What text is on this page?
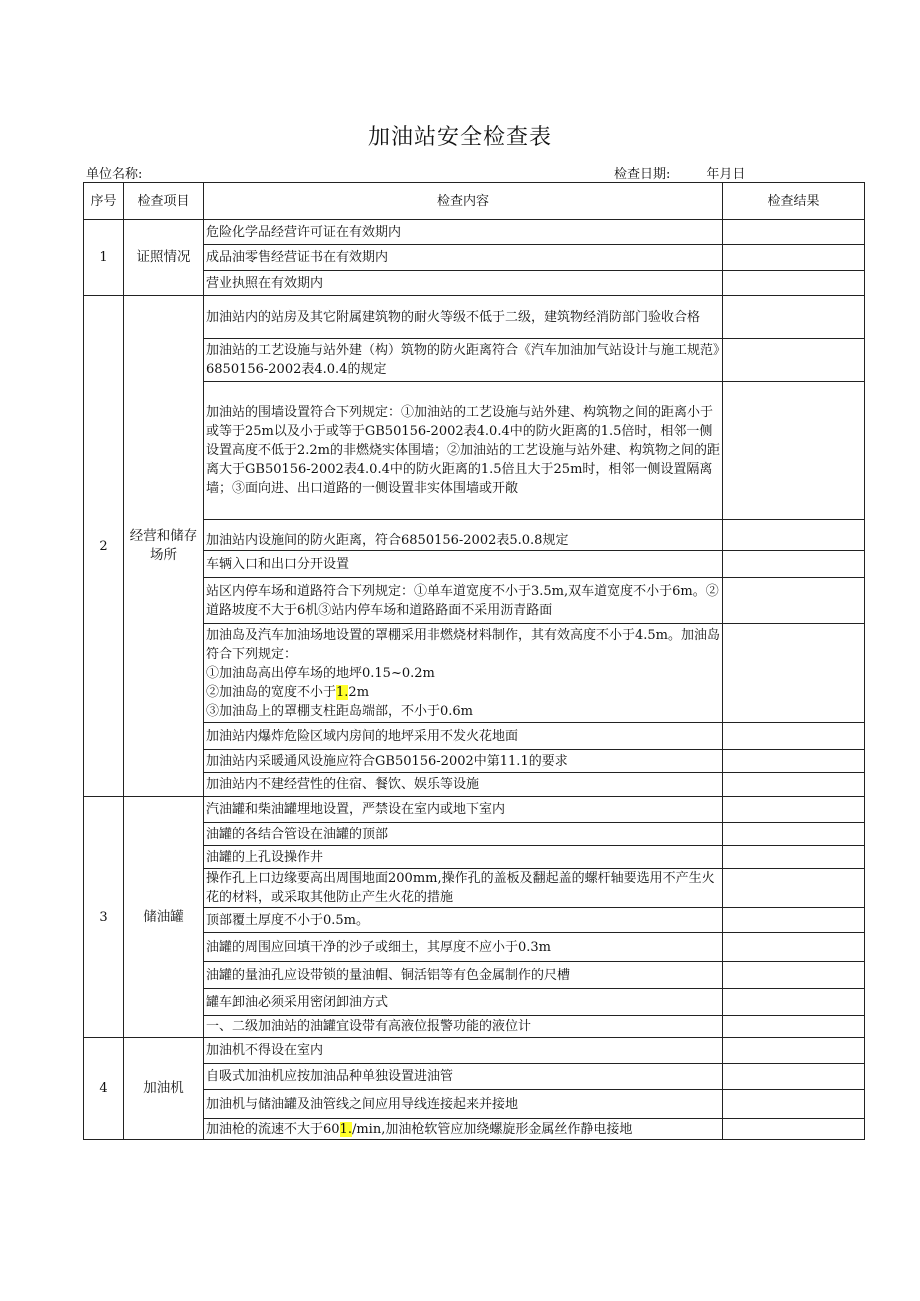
加油站安全检查表
单位名称:	检查日期:	年月日
序号	检查项目	检查内容	检查结果
1	证照情况	危险化学品经营许可证在有效期内	
		成品油零售经营证书在有效期内	
		营业执照在有效期内	
2	经营和储存场所	加油站内的站房及其它附属建筑物的耐火等级不低于二级，建筑物经消防部门验收合格	
		加油站的工艺设施与站外建（构）筑物的防火距离符合《汽车加油加气站设计与施工规范》6850156-2002表4.0.4的规定	
		加油站的围墙设置符合下列规定：①加油站的工艺设施与站外建、构筑物之间的距离小于或等于25m以及小于或等于GB50156-2002表4.0.4中的防火距离的1.5倍时，相邻一侧设置高度不低于2.2m的非燃烧实体围墙；②加油站的工艺设施与站外建、构筑物之间的距离大于GB50156-2002表4.0.4中的防火距离的1.5倍且大于25m时，相邻一侧设置隔离墙；③面向进、出口道路的一侧设置非实体围墙或开敞	
		加油站内设施间的防火距离，符合6850156-2002表5.0.8规定	
		车辆入口和出口分开设置	
		站区内停车场和道路符合下列规定：①单车道宽度不小于3.5m,双车道宽度不小于6m。②道路坡度不大于6机③站内停车场和道路路面不采用沥青路面	

		加油岛及汽车加油场地设置的罩棚采用非燃烧材料制作，其有效高度不小于4.5m。加油岛符合下列规定：
①加油岛高出停车场的地坪0.15~0.2m
②加油岛的宽度不小于1.2m
③加油岛上的罩棚支柱距岛端部，不小于0.6m	

		加油站内爆炸危险区域内房间的地坪采用不发火花地面	
		加油站内采暖通风设施应符合GB50156-2002中第11.1的要求	
		加油站内不建经营性的住宿、餐饮、娱乐等设施	
3	储油罐	汽油罐和柴油罐埋地设置，严禁设在室内或地下室内	
		油罐的各结合管设在油罐的顶部	
		油罐的上孔设操作井	
		操作孔上口边缘要高出周围地面200mm,操作孔的盖板及翻起盖的螺杆轴要选用不产生火花的材料，或采取其他防止产生火花的措施	
		顶部覆土厚度不小于0.5m。	
		油罐的周围应回填干净的沙子或细土，其厚度不应小于0.3m	
		油罐的量油孔应设带锁的量油帽、铜活铝等有色金属制作的尺槽	
		罐车卸油必须采用密闭卸油方式	
		一、二级加油站的油罐宜设带有高液位报警功能的液位计	
4	加油机	加油机不得设在室内	
		自吸式加油机应按加油品种单独设置进油管	
		加油机与储油罐及油管线之间应用导线连接起来并接地	
		加油枪的流速不大于601./min,加油枪软管应加绕螺旋形金属丝作静电接地	
